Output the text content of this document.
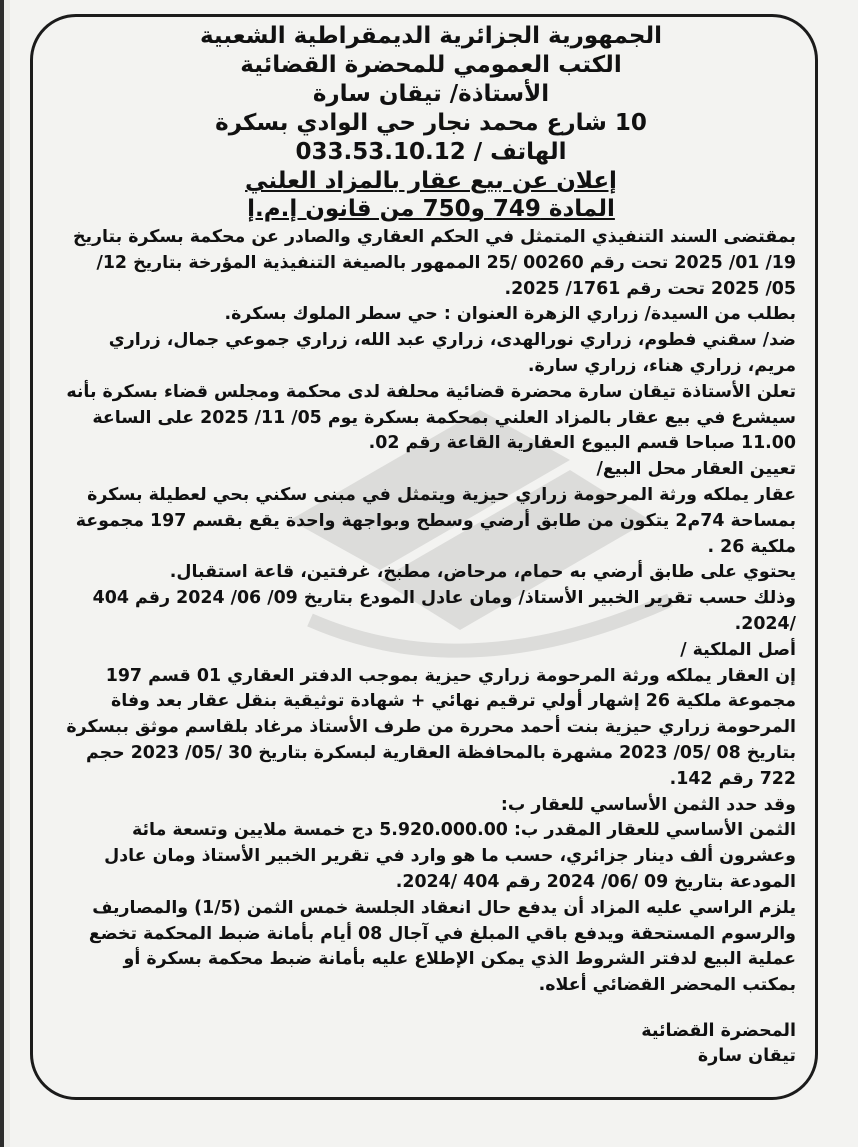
الجمهورية الجزائرية الديمقراطية الشعبية
الكتب العمومي للمحضرة القضائية
الأستاذة/ تيقان سارة
10 شارع محمد نجار حي الوادي بسكرة
الهاتف / 033.53.10.12
إعلان عن بيع عقار بالمزاد العلني
المادة 749 و750 من قانون إ.م.إ

بمقتضى السند التنفيذي المتمثل في الحكم العقاري والصادر عن محكمة بسكرة بتاريخ 19/ 01/ 2025 تحت رقم 00260 /25 الممهور بالصيغة التنفيذية المؤرخة بتاريخ 12/ 05/ 2025 تحت رقم 1761/ 2025.

بطلب من السيدة/ زراري الزهرة العنوان : حي سطر الملوك بسكرة.

ضد/ سقني فطوم، زراري نورالهدى، زراري عبد الله، زراري جموعي جمال، زراري مريم، زراري هناء، زراري سارة.

تعلن الأستاذة تيقان سارة محضرة قضائية محلفة لدى محكمة ومجلس قضاء بسكرة بأنه سيشرع في بيع عقار بالمزاد العلني بمحكمة بسكرة يوم 05/ 11/ 2025 على الساعة 11.00 صباحا قسم البيوع العقارية القاعة رقم 02.

تعيين العقار محل البيع/

عقار يملكه ورثة المرحومة زراري حيزية ويتمثل في مبنى سكني بحي لعطيلة بسكرة بمساحة 74م2 يتكون من طابق أرضي وسطح وبواجهة واحدة يقع بقسم 197 مجموعة ملكية 26 .

يحتوي على طابق أرضي به حمام، مرحاض، مطبخ، غرفتين، قاعة استقبال.

وذلك حسب تقرير الخبير الأستاذ/ ومان عادل المودع بتاريخ 09/ 06/ 2024 رقم 404 /2024.

أصل الملكية /

إن العقار يملكه ورثة المرحومة زراري حيزية بموجب الدفتر العقاري 01 قسم 197 مجموعة ملكية 26 إشهار أولي ترقيم نهائي + شهادة توثيقية بنقل عقار بعد وفاة المرحومة زراري حيزية بنت أحمد محررة من طرف الأستاذ مرغاد بلقاسم موثق ببسكرة بتاريخ 08 /05/ 2023 مشهرة بالمحافظة العقارية لبسكرة بتاريخ 30 /05/ 2023 حجم 722 رقم 142.

وقد حدد الثمن الأساسي للعقار ب:

الثمن الأساسي للعقار المقدر ب: 5.920.000.00 دج خمسة ملايين وتسعة مائة وعشرون ألف دينار جزائري، حسب ما هو وارد في تقرير الخبير الأستاذ ومان عادل المودعة بتاريخ 09 /06/ 2024 رقم 404 /2024.

يلزم الراسي عليه المزاد أن يدفع حال انعقاد الجلسة خمس الثمن (1/5) والمصاريف والرسوم المستحقة ويدفع باقي المبلغ في آجال 08 أيام بأمانة ضبط المحكمة تخضع عملية البيع لدفتر الشروط الذي يمكن الإطلاع عليه بأمانة ضبط محكمة بسكرة أو بمكتب المحضر القضائي أعلاه.

المحضرة القضائية
تيقان سارة
